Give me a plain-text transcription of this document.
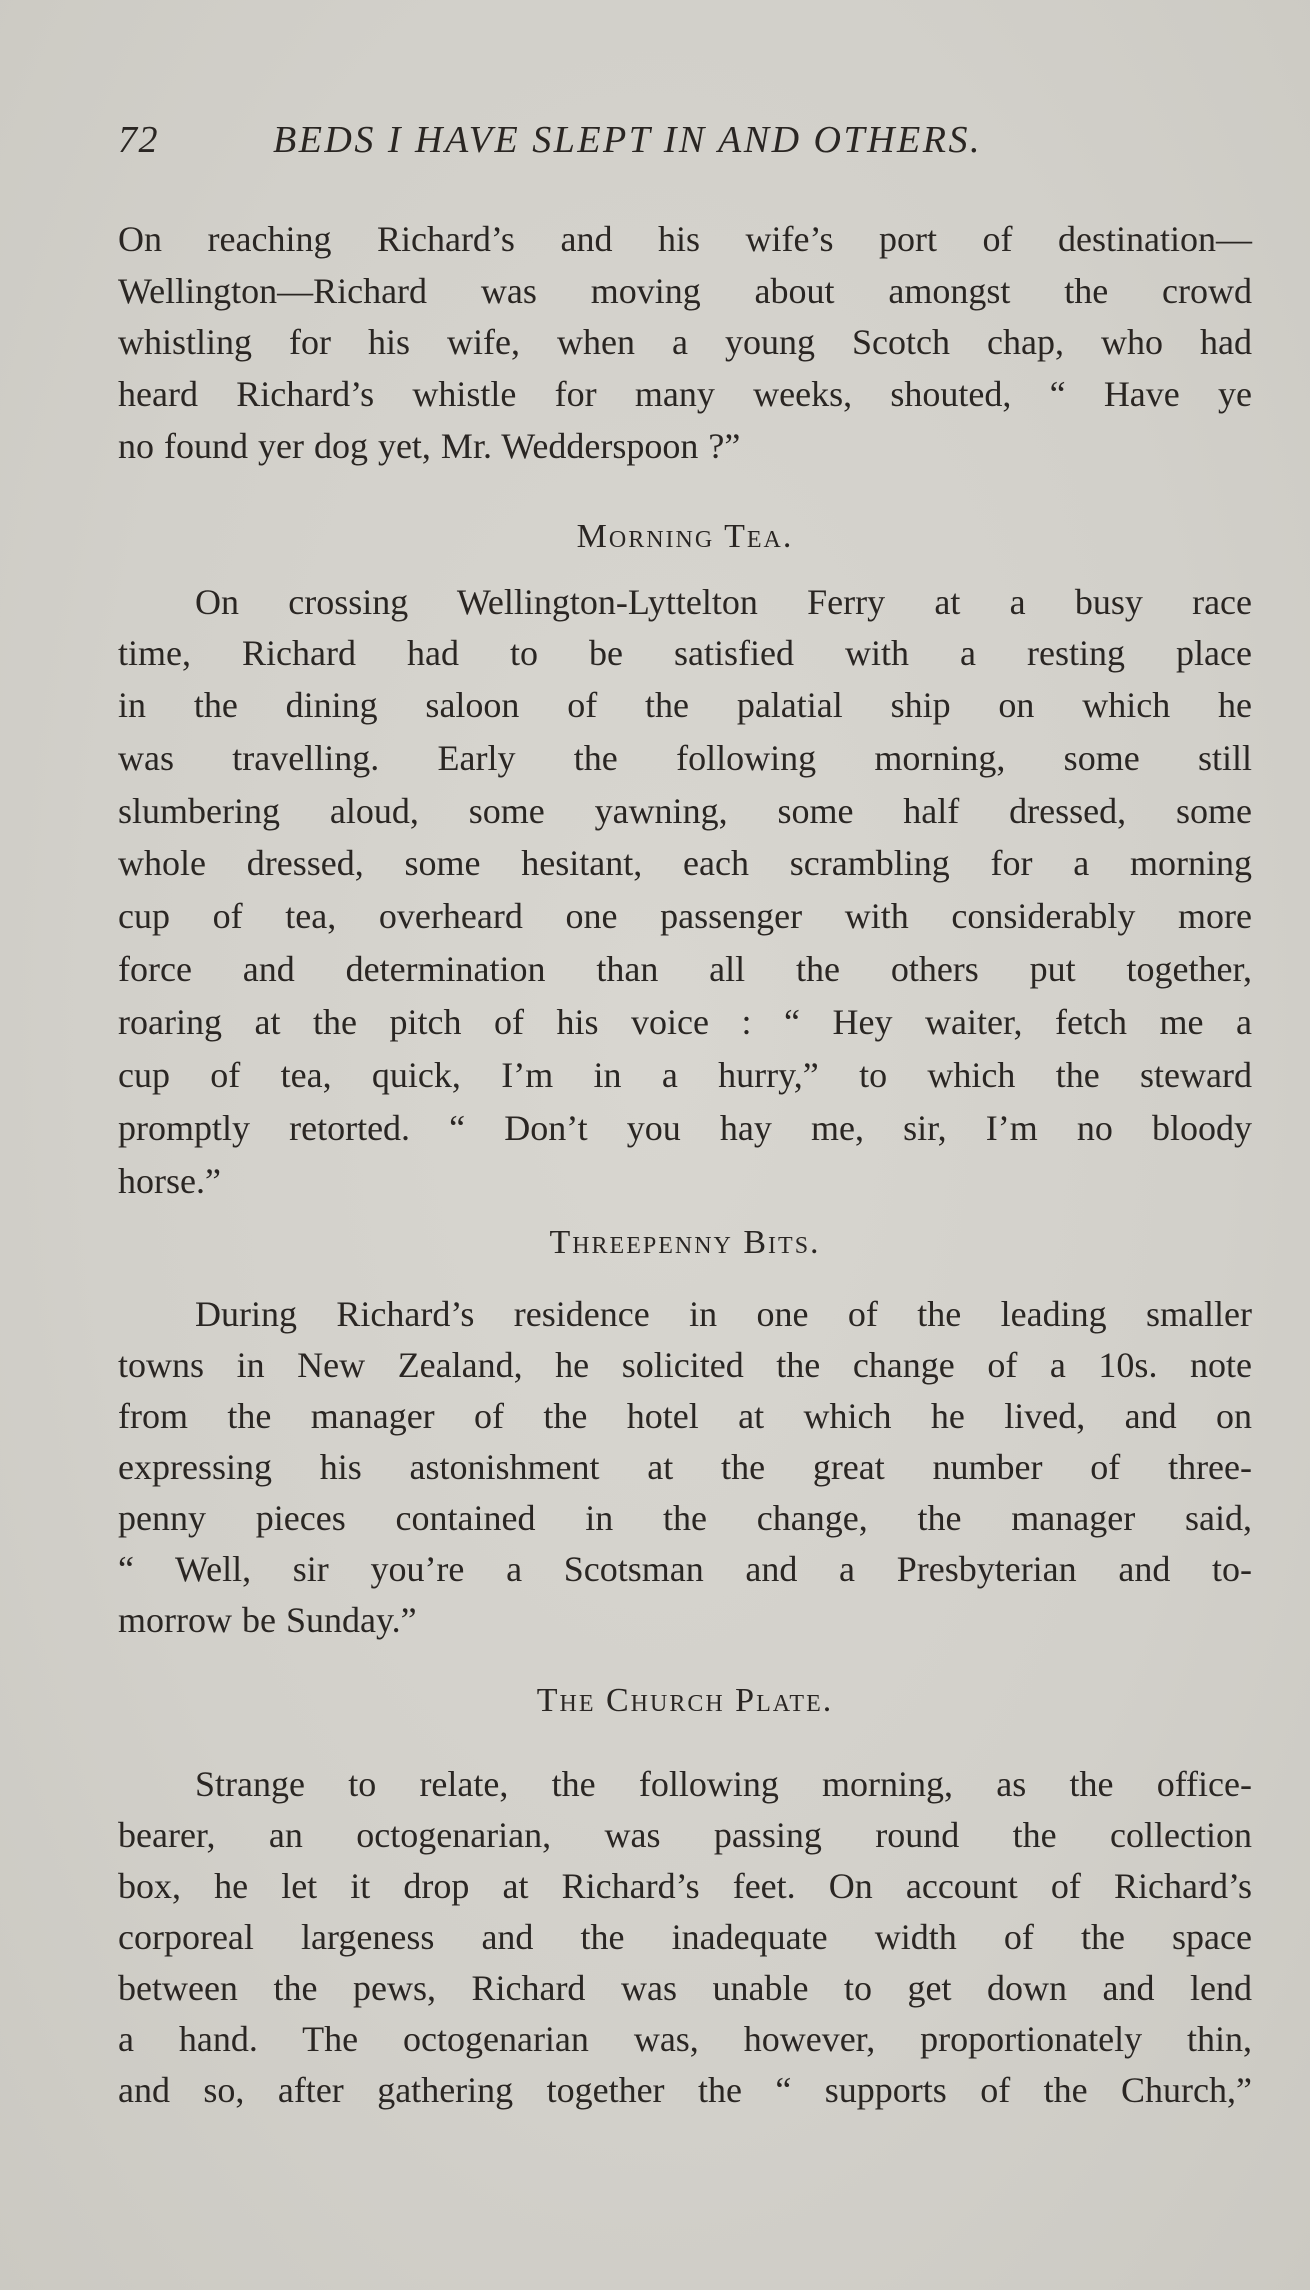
72	BEDS I HAVE SLEPT IN AND OTHERS.
On reaching Richard’s and his wife’s port of destination—
Wellington—Richard was moving about amongst the crowd
whistling for his wife, when a young Scotch chap, who had
heard Richard’s whistle for many weeks, shouted, “ Have ye
no found yer dog yet, Mr. Wedderspoon ?”
Morning Tea.
On crossing Wellington-Lyttelton Ferry at a busy race
time, Richard had to be satisfied with a resting place
in the dining saloon of the palatial ship on which he
was travelling. Early the following morning, some still
slumbering aloud, some yawning, some half dressed, some
whole dressed, some hesitant, each scrambling for a morning
cup of tea, overheard one passenger with considerably more
force and determination than all the others put together,
roaring at the pitch of his voice : “ Hey waiter, fetch me a
cup of tea, quick, I’m in a hurry,” to which the steward
promptly retorted. “ Don’t you hay me, sir, I’m no bloody
horse.”
Threepenny Bits.
During Richard’s residence in one of the leading smaller
towns in New Zealand, he solicited the change of a 10s. note
from the manager of the hotel at which he lived, and on
expressing his astonishment at the great number of three-
penny pieces contained in the change, the manager said,
“ Well, sir you’re a Scotsman and a Presbyterian and to-
morrow be Sunday.”
The Church Plate.
Strange to relate, the following morning, as the office-
bearer, an octogenarian, was passing round the collection
box, he let it drop at Richard’s feet. On account of Richard’s
corporeal largeness and the inadequate width of the space
between the pews, Richard was unable to get down and lend
a hand. The octogenarian was, however, proportionately thin,
and so, after gathering together the “ supports of the Church,”
